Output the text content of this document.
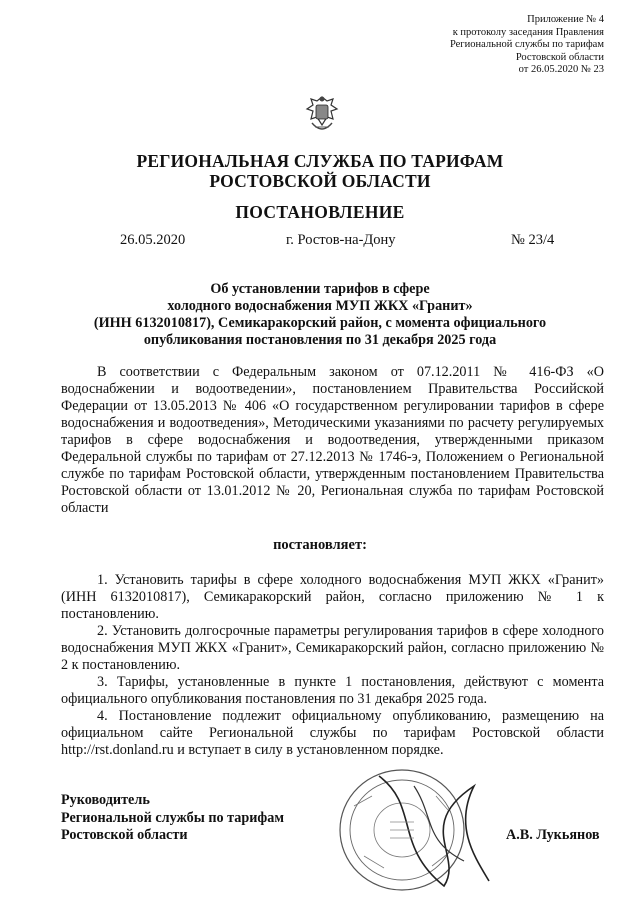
Приложение № 4
к протоколу заседания Правления
Региональной службы по тарифам
Ростовской области
от 26.05.2020 № 23
РЕГИОНАЛЬНАЯ СЛУЖБА ПО ТАРИФАМ
РОСТОВСКОЙ ОБЛАСТИ
ПОСТАНОВЛЕНИЕ
26.05.2020	г. Ростов-на-Дону	№ 23/4
Об установлении тарифов в сфере
холодного водоснабжения МУП ЖКХ «Гранит»
(ИНН 6132010817), Семикаракорский район, с момента официального
опубликования постановления по 31 декабря 2025 года

В соответствии с Федеральным законом от 07.12.2011 № 416-ФЗ «О водоснабжении и водоотведении», постановлением Правительства Российской Федерации от 13.05.2013 № 406 «О государственном регулировании тарифов в сфере водоснабжения и водоотведения», Методическими указаниями по расчету регулируемых тарифов в сфере водоснабжения и водоотведения, утвержденными приказом Федеральной службы по тарифам от 27.12.2013 № 1746-э, Положением о Региональной службе по тарифам Ростовской области, утвержденным постановлением Правительства Ростовской области от 13.01.2012 № 20, Региональная служба по тарифам Ростовской области

постановляет:

1. Установить тарифы в сфере холодного водоснабжения МУП ЖКХ «Гранит» (ИНН 6132010817), Семикаракорский район, согласно приложению № 1 к постановлению.

2. Установить долгосрочные параметры регулирования тарифов в сфере холодного водоснабжения МУП ЖКХ «Гранит», Семикаракорский район, согласно приложению № 2 к постановлению.

3. Тарифы, установленные в пункте 1 постановления, действуют с момента официального опубликования постановления по 31 декабря 2025 года.

4. Постановление подлежит официальному опубликованию, размещению на официальном сайте Региональной службы по тарифам Ростовской области http://rst.donland.ru и вступает в силу в установленном порядке.

Руководитель
Региональной службы по тарифам
Ростовской области	А.В. Лукьянов
